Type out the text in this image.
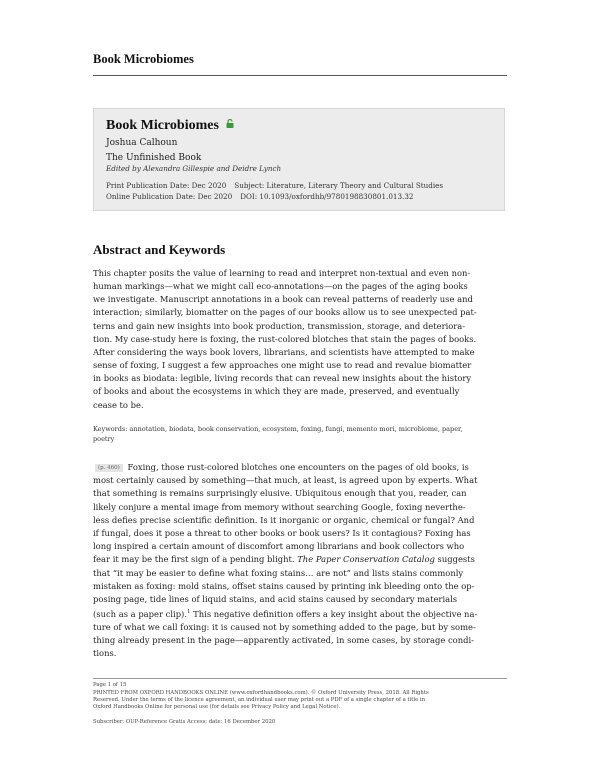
Book Microbiomes
Book Microbiomes
Joshua Calhoun
The Unfinished Book
Edited by Alexandra Gillespie and Deidre Lynch
Print Publication Date: Dec 2020 Subject: Literature, Literary Theory and Cultural Studies
Online Publication Date: Dec 2020 DOI: 10.1093/oxfordhb/9780198830801.013.32
Abstract and Keywords
This chapter posits the value of learning to read and interpret non-textual and even non-
human markings—what we might call eco-annotations—on the pages of the aging books
we investigate. Manuscript annotations in a book can reveal patterns of readerly use and
interaction; similarly, biomatter on the pages of our books allow us to see unexpected pat-
terns and gain new insights into book production, transmission, storage, and deteriora-
tion. My case-study here is foxing, the rust-colored blotches that stain the pages of books.
After considering the ways book lovers, librarians, and scientists have attempted to make
sense of foxing, I suggest a few approaches one might use to read and revalue biomatter
in books as biodata: legible, living records that can reveal new insights about the history
of books and about the ecosystems in which they are made, preserved, and eventually
cease to be.
Keywords: annotation, biodata, book conservation, ecosystem, foxing, fungi, memento mori, microbiome, paper,
poetry
(p. 460) Foxing, those rust-colored blotches one encounters on the pages of old books, is
most certainly caused by something—that much, at least, is agreed upon by experts. What
that something is remains surprisingly elusive. Ubiquitous enough that you, reader, can
likely conjure a mental image from memory without searching Google, foxing neverthe-
less defies precise scientific definition. Is it inorganic or organic, chemical or fungal? And
if fungal, does it pose a threat to other books or book users? Is it contagious? Foxing has
long inspired a certain amount of discomfort among librarians and book collectors who
fear it may be the first sign of a pending blight. The Paper Conservation Catalog suggests
that “it may be easier to define what foxing stains… are not” and lists stains commonly
mistaken as foxing: mold stains, offset stains caused by printing ink bleeding onto the op-
posing page, tide lines of liquid stains, and acid stains caused by secondary materials
(such as a paper clip).$^1$ This negative definition offers a key insight about the objective na-
ture of what we call foxing: it is caused not by something added to the page, but by some-
thing already present in the page—apparently activated, in some cases, by storage condi-
tions.
Page 1 of 15
PRINTED FROM OXFORD HANDBOOKS ONLINE (www.oxfordhandbooks.com). © Oxford University Press, 2018. All Rights
Reserved. Under the terms of the licence agreement, an individual user may print out a PDF of a single chapter of a title in
Oxford Handbooks Online for personal use (for details see Privacy Policy and Legal Notice).
Subscriber: OUP-Reference Gratis Access; date: 16 December 2020
